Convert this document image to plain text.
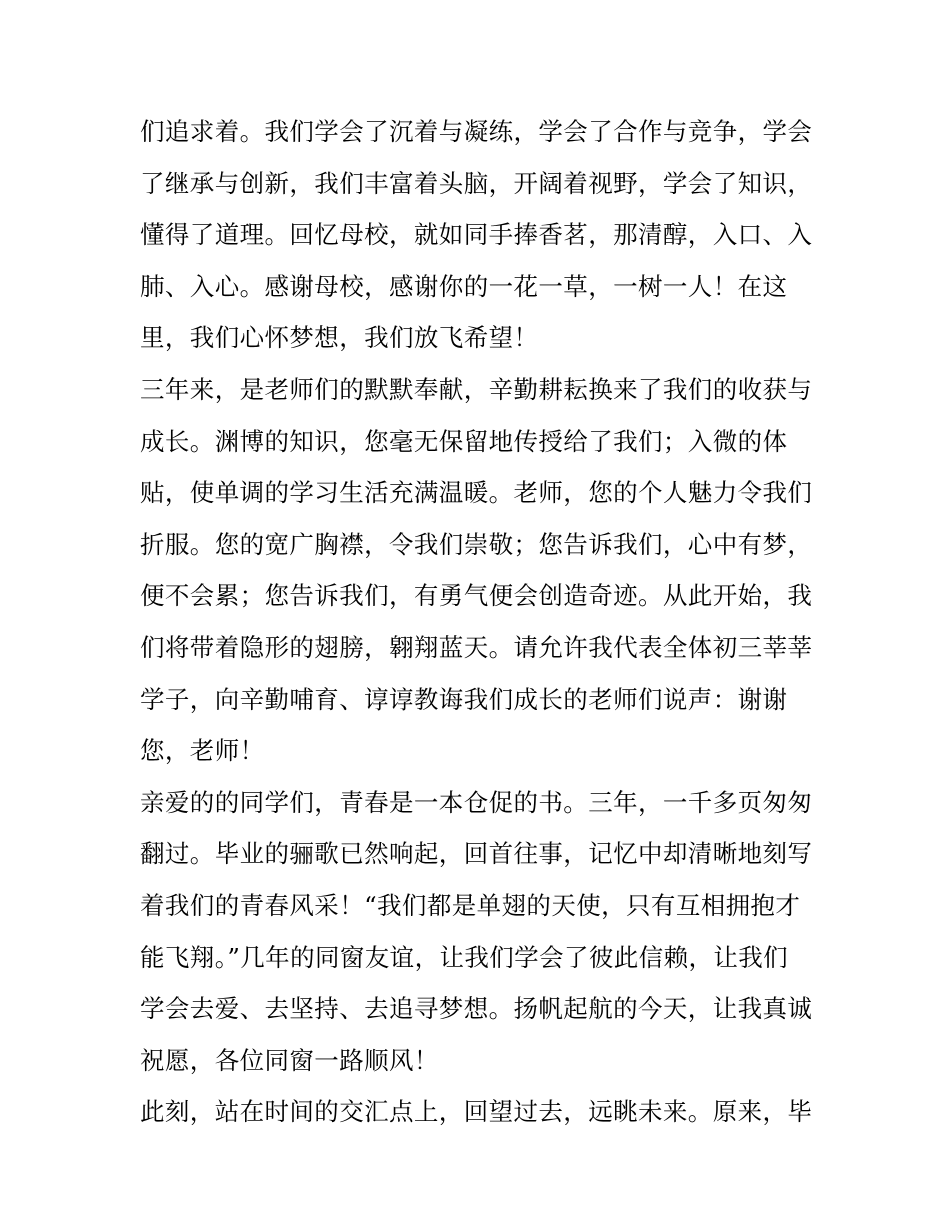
们追求着。我们学会了沉着与凝练，学会了合作与竞争，学会
了继承与创新，我们丰富着头脑，开阔着视野，学会了知识，
懂得了道理。回忆母校，就如同手捧香茗，那清醇，入口、入
肺、入心。感谢母校，感谢你的一花一草，一树一人！在这
里，我们心怀梦想，我们放飞希望！
三年来，是老师们的默默奉献，辛勤耕耘换来了我们的收获与
成长。渊博的知识，您毫无保留地传授给了我们；入微的体
贴，使单调的学习生活充满温暖。老师，您的个人魅力令我们
折服。您的宽广胸襟，令我们崇敬；您告诉我们，心中有梦，
便不会累；您告诉我们，有勇气便会创造奇迹。从此开始，我
们将带着隐形的翅膀，翱翔蓝天。请允许我代表全体初三莘莘
学子，向辛勤哺育、谆谆教诲我们成长的老师们说声：谢谢
您，老师！
亲爱的的同学们，青春是一本仓促的书。三年，一千多页匆匆
翻过。毕业的骊歌已然响起，回首往事，记忆中却清晰地刻写
着我们的青春风采！“我们都是单翅的天使，只有互相拥抱才
能飞翔。”几年的同窗友谊，让我们学会了彼此信赖，让我们
学会去爱、去坚持、去追寻梦想。扬帆起航的今天，让我真诚
祝愿，各位同窗一路顺风！
此刻，站在时间的交汇点上，回望过去，远眺未来。原来，毕
